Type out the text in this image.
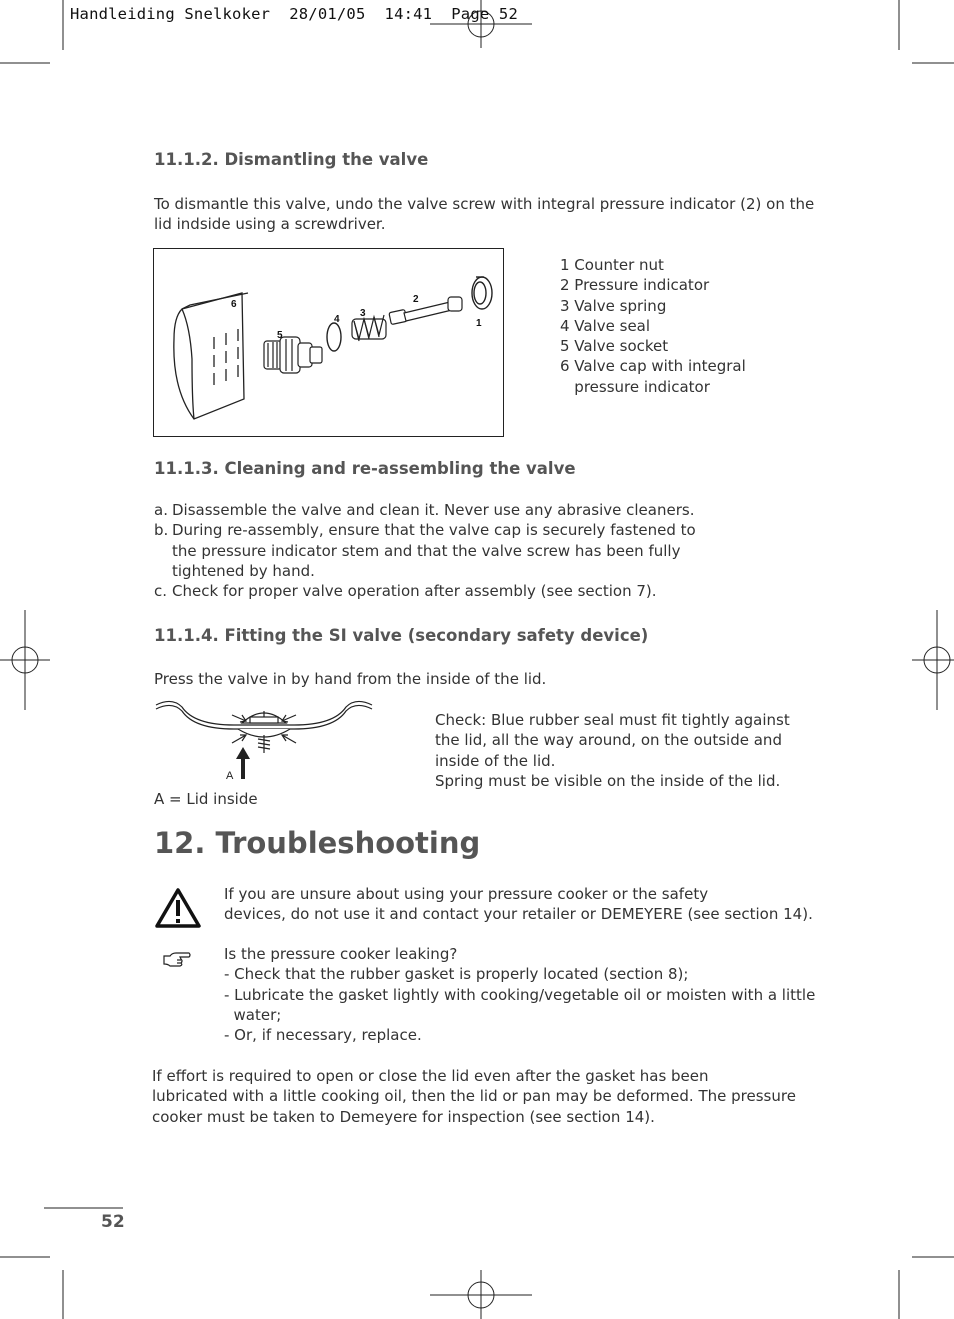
Handleiding Snelkoker  28/01/05  14:41  Page 52
11.1.2. Dismantling the valve
To dismantle this valve, undo the valve screw with integral pressure indicator (2) on the
lid indside using a screwdriver.
6
5
4
3
2
1
1 Counter nut
2 Pressure indicator
3 Valve spring
4 Valve seal
5 Valve socket
6 Valve cap with integral
pressure indicator
11.1.3. Cleaning and re-assembling the valve
a. Disassemble the valve and clean it. Never use any abrasive cleaners.
b. During re-assembly, ensure that the valve cap is securely fastened to
the pressure indicator stem and that the valve screw has been fully
tightened by hand.
c. Check for proper valve operation after assembly (see section 7).
11.1.4. Fitting the SI valve (secondary safety device)
Press the valve in by hand from the inside of the lid.
A
A = Lid inside
Check: Blue rubber seal must fit tightly against
the lid, all the way around, on the outside and
inside of the lid.
Spring must be visible on the inside of the lid.
12. Troubleshooting
If you are unsure about using your pressure cooker or the safety
devices, do not use it and contact your retailer or DEMEYERE (see section 14).
Is the pressure cooker leaking?
- Check that the rubber gasket is properly located (section 8);
- Lubricate the gasket lightly with cooking/vegetable oil or moisten with a little
water;
- Or, if necessary, replace.
If effort is required to open or close the lid even after the gasket has been
lubricated with a little cooking oil, then the lid or pan may be deformed. The pressure
cooker must be taken to Demeyere for inspection (see section 14).
52
